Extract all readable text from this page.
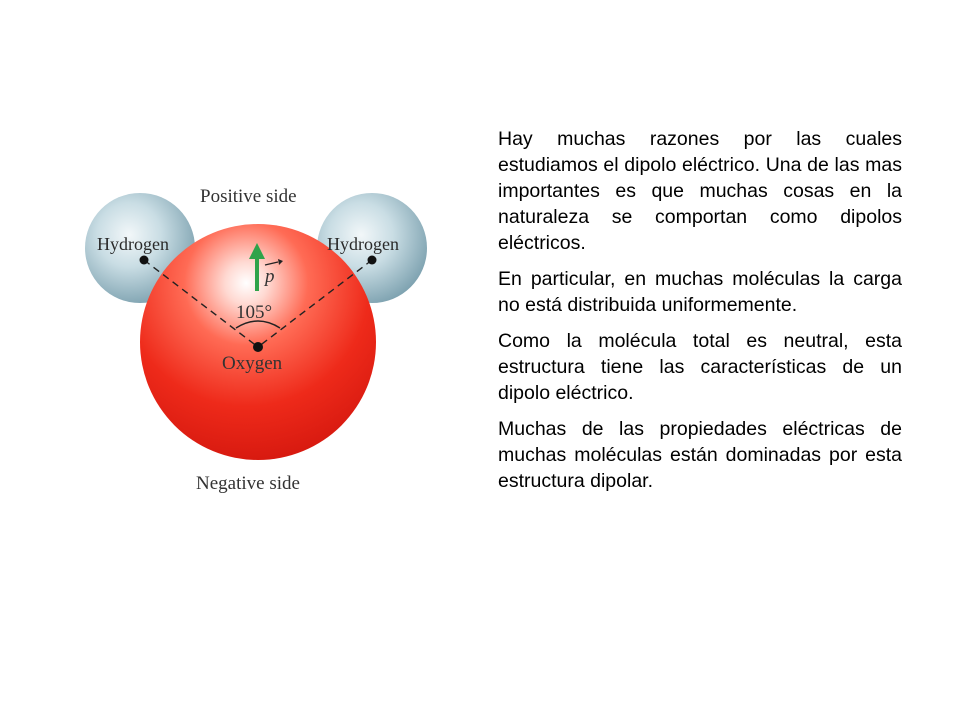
p
Positive side
Hydrogen	Hydrogen
105°
Oxygen
Negative side

Hay muchas razones por las cuales estudiamos el dipolo eléctrico. Una de las mas importantes es que muchas cosas en la naturaleza se comportan como dipolos eléctricos.

En particular, en muchas moléculas la carga no está distribuida uniformemente.

Como la molécula total es neutral, esta estructura tiene las características de un dipolo eléctrico.

Muchas de las propiedades eléctricas de muchas moléculas están dominadas por esta estructura dipolar.
